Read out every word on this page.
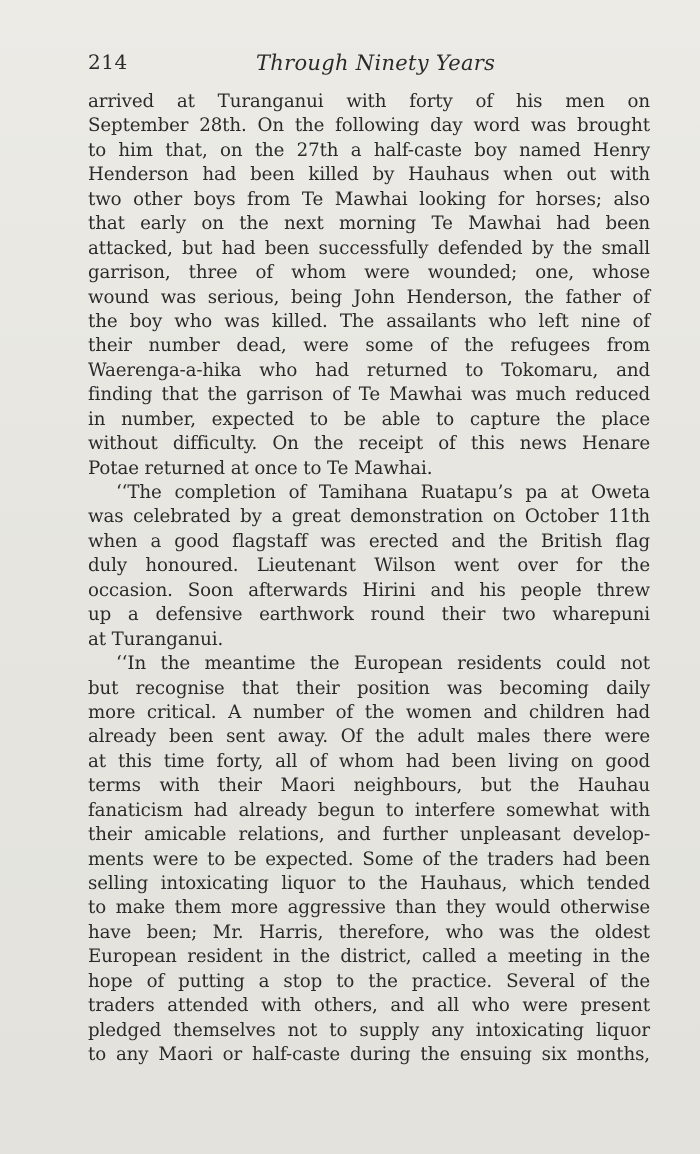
214	Through Ninety Years
arrived at Turanganui with forty of his men on
September 28th. On the following day word was brought
to him that, on the 27th a half-caste boy named Henry
Henderson had been killed by Hauhaus when out with
two other boys from Te Mawhai looking for horses; also
that early on the next morning Te Mawhai had been
attacked, but had been successfully defended by the small
garrison, three of whom were wounded; one, whose
wound was serious, being John Henderson, the father of
the boy who was killed. The assailants who left nine of
their number dead, were some of the refugees from
Waerenga-a-hika who had returned to Tokomaru, and
finding that the garrison of Te Mawhai was much reduced
in number, expected to be able to capture the place
without difficulty. On the receipt of this news Henare
Potae returned at once to Te Mawhai.
‘‘The completion of Tamihana Ruatapu’s pa at Oweta
was celebrated by a great demonstration on October 11th
when a good flagstaff was erected and the British flag
duly honoured. Lieutenant Wilson went over for the
occasion. Soon afterwards Hirini and his people threw
up a defensive earthwork round their two wharepuni
at Turanganui.
‘‘In the meantime the European residents could not
but recognise that their position was becoming daily
more critical. A number of the women and children had
already been sent away. Of the adult males there were
at this time forty, all of whom had been living on good
terms with their Maori neighbours, but the Hauhau
fanaticism had already begun to interfere somewhat with
their amicable relations, and further unpleasant develop-
ments were to be expected. Some of the traders had been
selling intoxicating liquor to the Hauhaus, which tended
to make them more aggressive than they would otherwise
have been; Mr. Harris, therefore, who was the oldest
European resident in the district, called a meeting in the
hope of putting a stop to the practice. Several of the
traders attended with others, and all who were present
pledged themselves not to supply any intoxicating liquor
to any Maori or half-caste during the ensuing six months,
